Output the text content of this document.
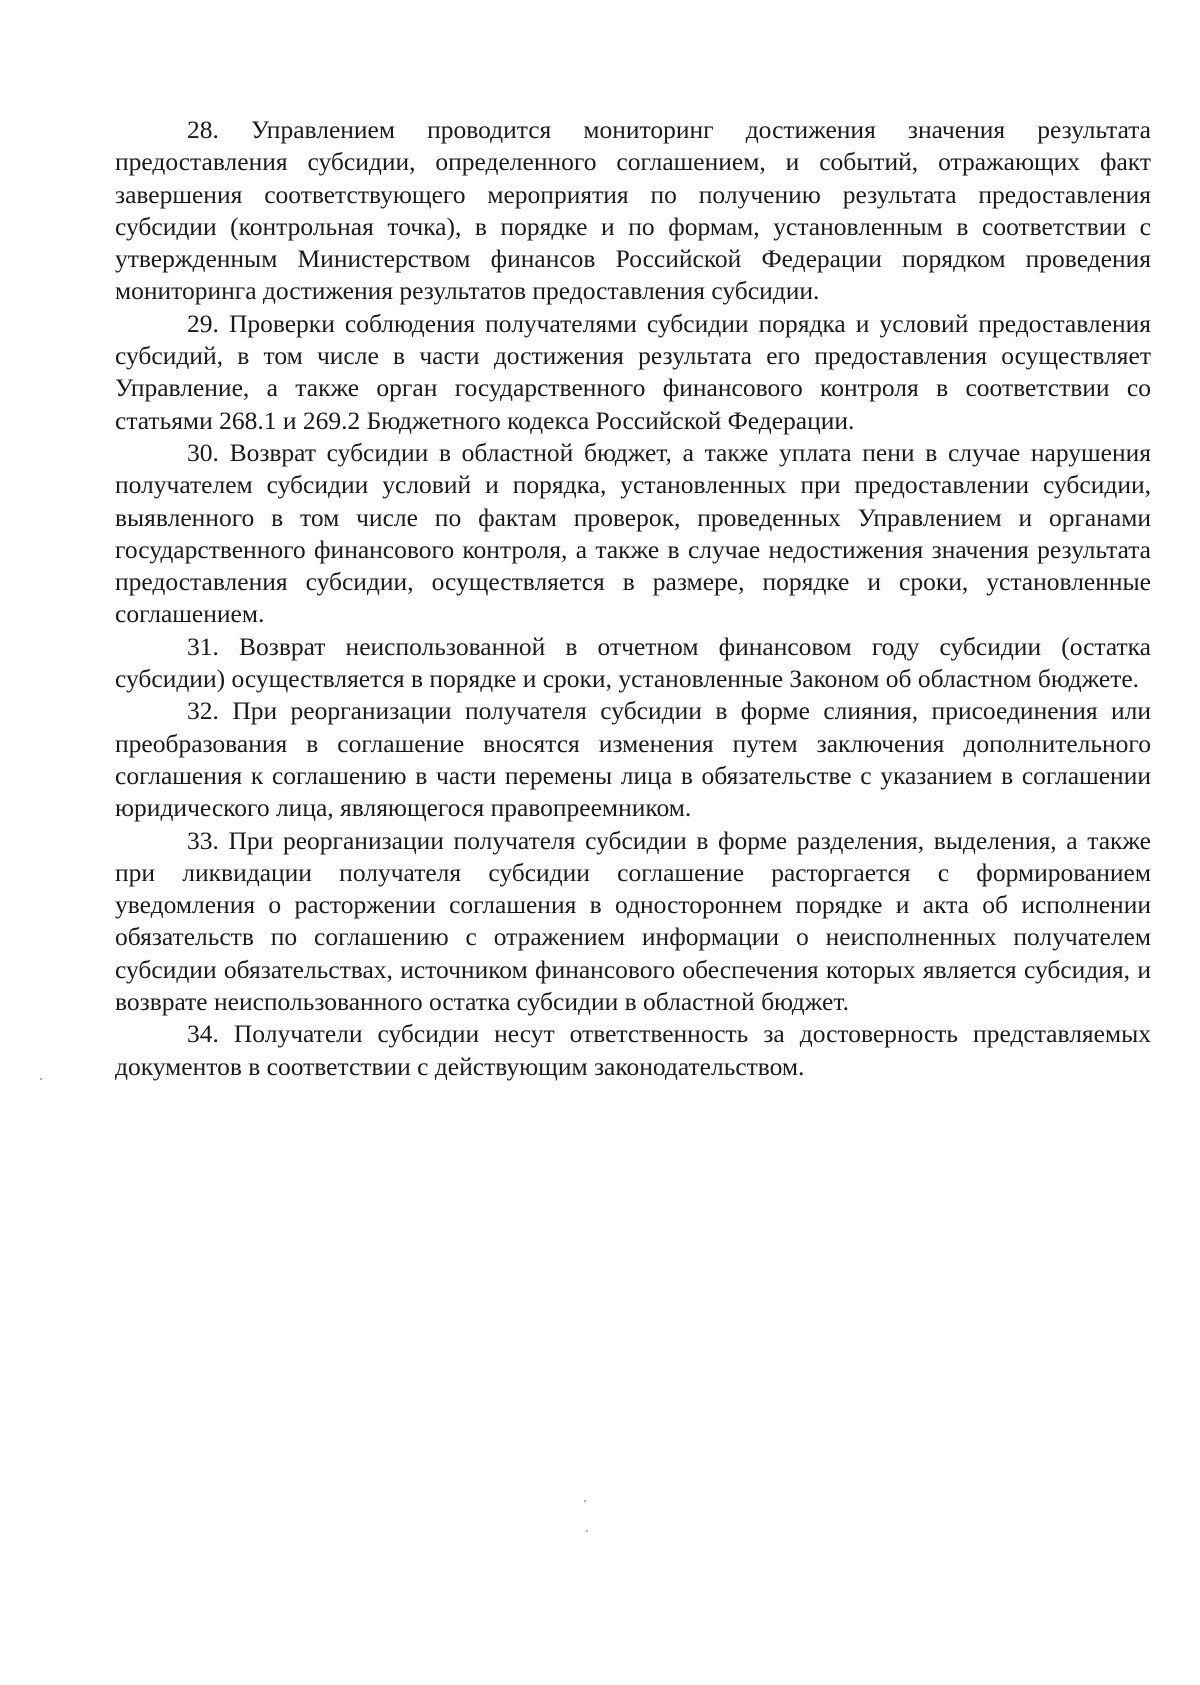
28. Управлением проводится мониторинг достижения значения результата предоставления субсидии, определенного соглашением, и событий, отражающих факт завершения соответствующего мероприятия по получению результата предоставления субсидии (контрольная точка), в порядке и по формам, установленным в соответствии с утвержденным Министерством финансов Российской Федерации порядком проведения мониторинга достижения результатов предоставления субсидии.

29. Проверки соблюдения получателями субсидии порядка и условий предоставления субсидий, в том числе в части достижения результата его предоставления осуществляет Управление, а также орган государственного финансового контроля в соответствии со статьями 268.1 и 269.2 Бюджетного кодекса Российской Федерации.

30. Возврат субсидии в областной бюджет, а также уплата пени в случае нарушения получателем субсидии условий и порядка, установленных при предоставлении субсидии, выявленного в том числе по фактам проверок, проведенных Управлением и органами государственного финансового контроля, а также в случае недостижения значения результата предоставления субсидии, осуществляется в размере, порядке и сроки, установленные соглашением.

31. Возврат неиспользованной в отчетном финансовом году субсидии (остатка субсидии) осуществляется в порядке и сроки, установленные Законом об областном бюджете.

32. При реорганизации получателя субсидии в форме слияния, присоединения или преобразования в соглашение вносятся изменения путем заключения дополнительного соглашения к соглашению в части перемены лица в обязательстве с указанием в соглашении юридического лица, являющегося правопреемником.

33. При реорганизации получателя субсидии в форме разделения, выделения, а также при ликвидации получателя субсидии соглашение расторгается с формированием уведомления о расторжении соглашения в одностороннем порядке и акта об исполнении обязательств по соглашению с отражением информации о неисполненных получателем субсидии обязательствах, источником финансового обеспечения которых является субсидия, и возврате неиспользованного остатка субсидии в областной бюджет.

34. Получатели субсидии несут ответственность за достоверность представляемых документов в соответствии с действующим законодательством.
